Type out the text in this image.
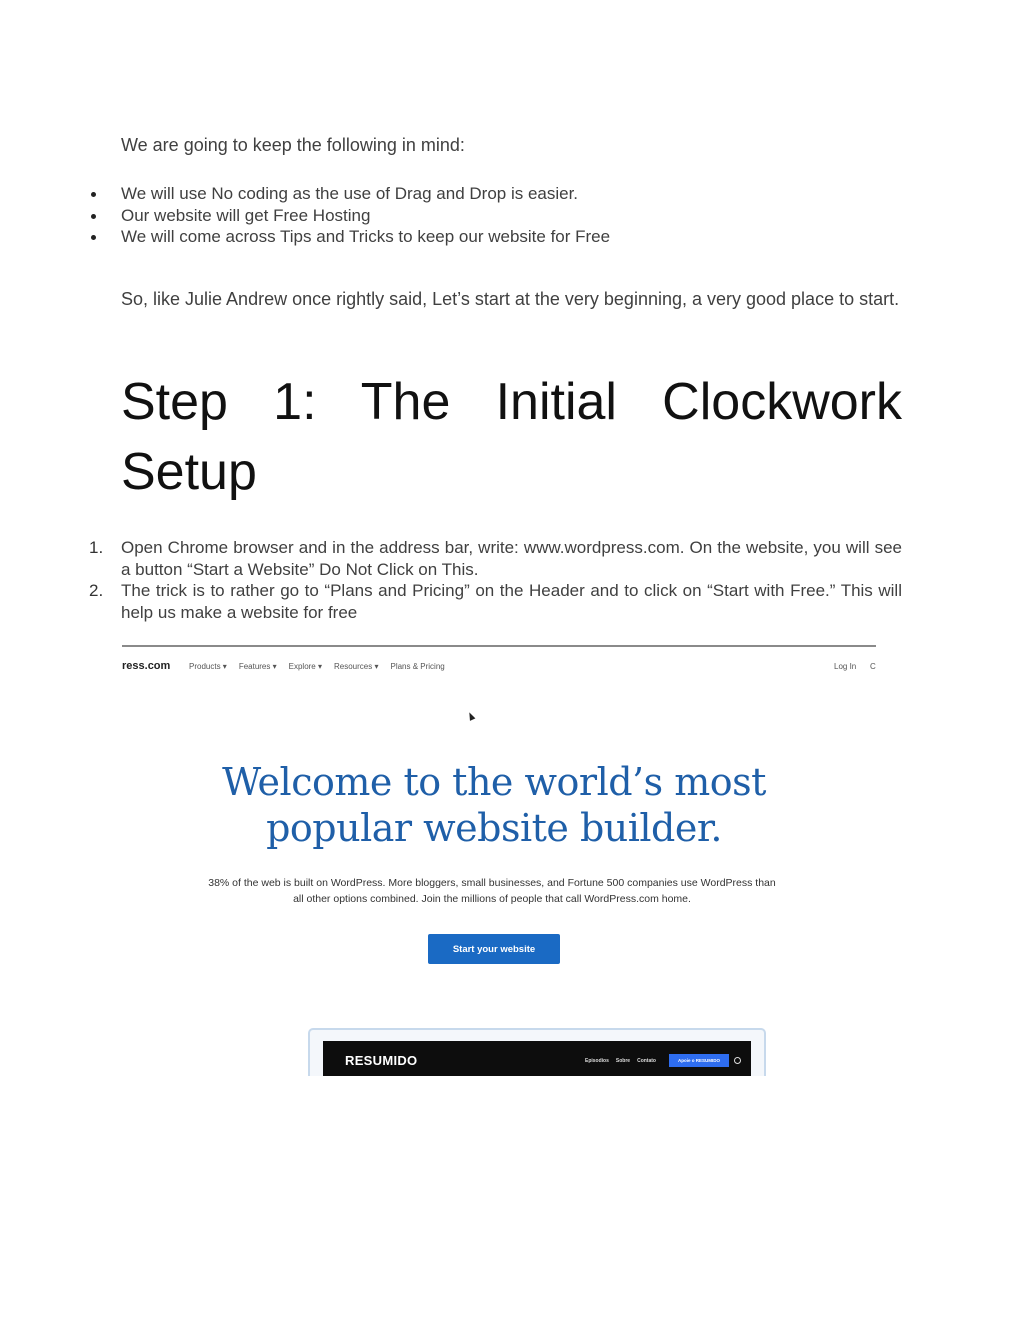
We are going to keep the following in mind:

We will use No coding as the use of Drag and Drop is easier.
Our website will get Free Hosting
We will come across Tips and Tricks to keep our website for Free

So, like Julie Andrew once rightly said, Let’s start at the very beginning, a very good place to start.

Step 1: The Initial Clockwork Setup
1. Open Chrome browser and in the address bar, write: www.wordpress.com. On the website, you will see a button “Start a Website” Do Not Click on This.
2. The trick is to rather go to “Plans and Pricing” on the Header and to click on “Start with Free.” This will help us make a website for free
ress.com Products ▾ Features ▾ Explore ▾ Resources ▾ Plans & Pricing	Log In C
Welcome to the world’s most
popular website builder.

38% of the web is built on WordPress. More bloggers, small businesses, and Fortune 500 companies use WordPress than all other options combined. Join the millions of people that call WordPress.com home.

Start your website
RESUMIDO	Episodios Sobre Contato	Apoie o RESUMIDO
